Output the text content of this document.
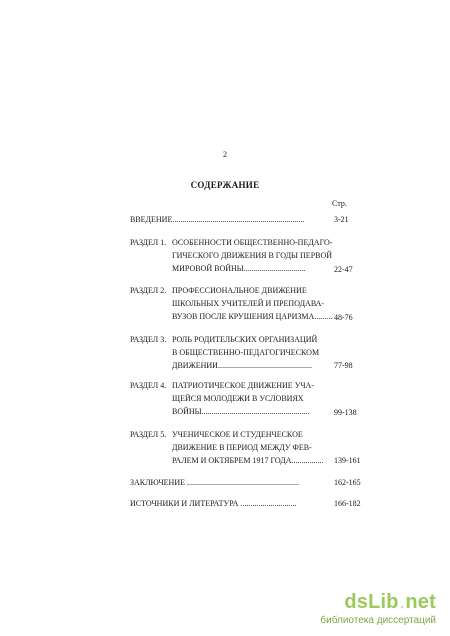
2
СОДЕРЖАНИЕ
Стр.
ВВЕДЕНИЕ..................................................................	3-21
РАЗДЕЛ 1. ОСОБЕННОСТИ ОБЩЕСТВЕННО-ПЕДАГО-
ГИЧЕСКОГО ДВИЖЕНИЯ В ГОДЫ ПЕРВОЙ
МИРОВОЙ ВОЙНЫ...............................	22-47
РАЗДЕЛ 2. ПРОФЕССИОНАЛЬНОЕ ДВИЖЕНИЕ
ШКОЛЬНЫХ УЧИТЕЛЕЙ И ПРЕПОДАВА-
ВУЗОВ ПОСЛЕ КРУШЕНИЯ ЦАРИЗМА......... 48-76
РАЗДЕЛ 3. РОЛЬ РОДИТЕЛЬСКИХ ОРГАНИЗАЦИЙ
В ОБЩЕСТВЕННО-ПЕДАГОГИЧЕСКОМ
ДВИЖЕНИИ...............................................	77-98
РАЗДЕЛ 4. ПАТРИОТИЧЕСКОЕ ДВИЖЕНИЕ УЧА-
ЩЕЙСЯ МОЛОДЕЖИ В УСЛОВИЯХ
ВОЙНЫ......................................................	99-138
РАЗДЕЛ 5. УЧЕНИЧЕСКОЕ И СТУДЕНЧЕСКОЕ
ДВИЖЕНИЕ В ПЕРИОД МЕЖДУ ФЕВ-
РАЛЕМ И ОКТЯБРЕМ 1917 ГОДА................ 139-161
ЗАКЛЮЧЕНИЕ ........................................................	162-165
ИСТОЧНИКИ И ЛИТЕРАТУРА ............................	166-182
dsLib.net
библиотека диссертаций
